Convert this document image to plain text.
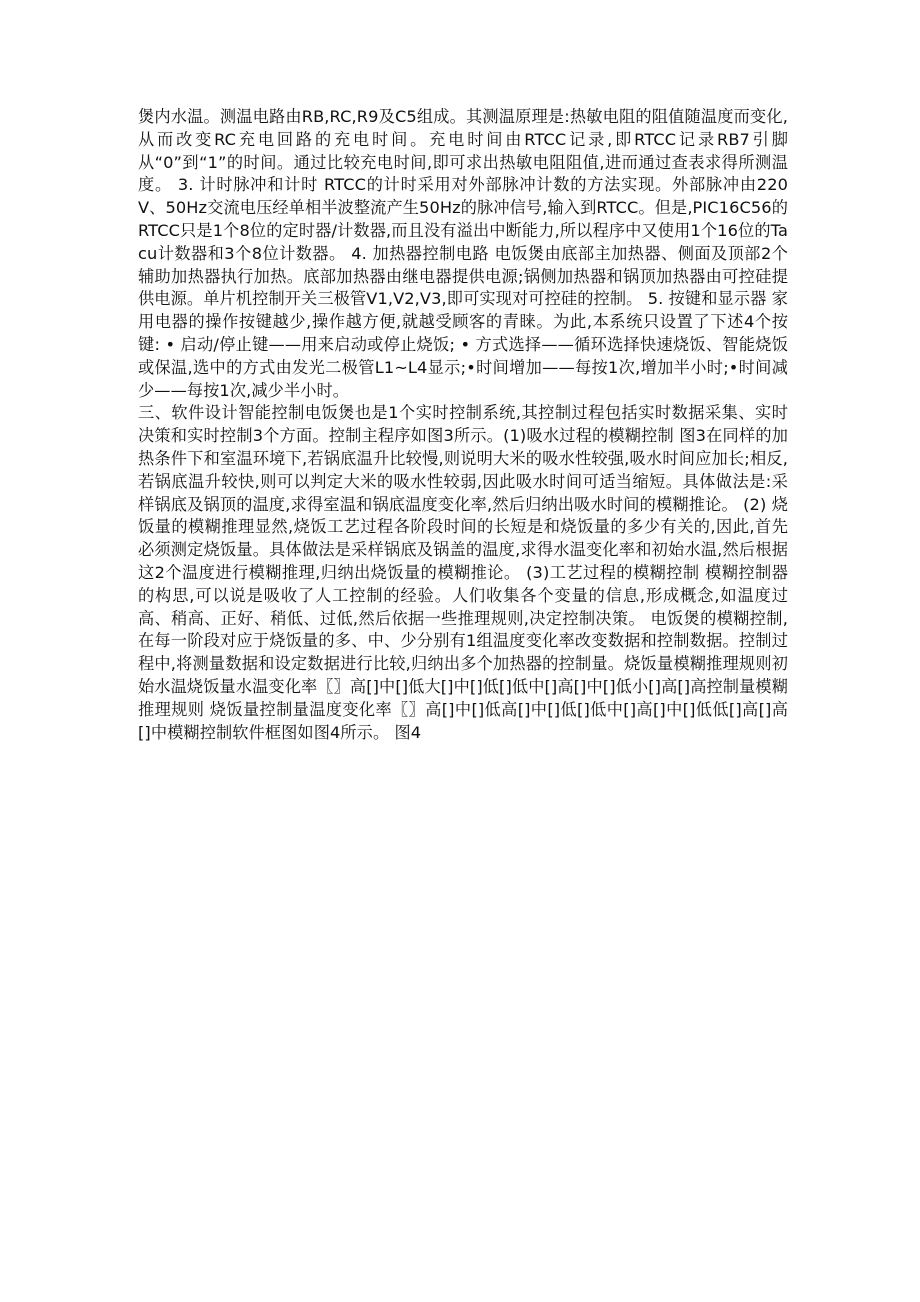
煲内水温。测温电路由RB,RC,R9及C5组成。其测温原理是:热敏电阻的阻值随温度而变化,从而改变RC充电回路的充电时间。充电时间由RTCC记录,即RTCC记录RB7引脚从“0”到“1”的时间。通过比较充电时间,即可求出热敏电阻阻值,进而通过查表求得所测温度。 3. 计时脉冲和计时 RTCC的计时采用对外部脉冲计数的方法实现。外部脉冲由220V、50Hz交流电压经单相半波整流产生50Hz的脉冲信号,输入到RTCC。但是,PIC16C56的RTCC只是1个8位的定时器/计数器,而且没有溢出中断能力,所以程序中又使用1个16位的Tacu计数器和3个8位计数器。 4. 加热器控制电路 电饭煲由底部主加热器、侧面及顶部2个辅助加热器执行加热。底部加热器由继电器提供电源;锅侧加热器和锅顶加热器由可控硅提供电源。单片机控制开关三极管V1,V2,V3,即可实现对可控硅的控制。 5. 按键和显示器 家用电器的操作按键越少,操作越方便,就越受顾客的青睐。为此,本系统只设置了下述4个按键: • 启动/停止键——用来启动或停止烧饭; • 方式选择——循环选择快速烧饭、智能烧饭或保温,选中的方式由发光二极管L1~L4显示;•时间增加——每按1次,增加半小时;•时间减少——每按1次,减少半小时。

三、软件设计智能控制电饭煲也是1个实时控制系统,其控制过程包括实时数据采集、实时决策和实时控制3个方面。控制主程序如图3所示。(1)吸水过程的模糊控制 图3在同样的加热条件下和室温环境下,若锅底温升比较慢,则说明大米的吸水性较强,吸水时间应加长;相反,若锅底温升较快,则可以判定大米的吸水性较弱,因此吸水时间可适当缩短。具体做法是:采样锅底及锅顶的温度,求得室温和锅底温度变化率,然后归纳出吸水时间的模糊推论。 (2) 烧饭量的模糊推理显然,烧饭工艺过程各阶段时间的长短是和烧饭量的多少有关的,因此,首先必须测定烧饭量。具体做法是采样锅底及锅盖的温度,求得水温变化率和初始水温,然后根据这2个温度进行模糊推理,归纳出烧饭量的模糊推论。 (3)工艺过程的模糊控制 模糊控制器的构思,可以说是吸收了人工控制的经验。人们收集各个变量的信息,形成概念,如温度过高、稍高、正好、稍低、过低,然后依据一些推理规则,决定控制决策。 电饭煲的模糊控制,在每一阶段对应于烧饭量的多、中、少分别有1组温度变化率改变数据和控制数据。控制过程中,将测量数据和设定数据进行比较,归纳出多个加热器的控制量。烧饭量模糊推理规则初始水温烧饭量水温变化率〖〗高[]中[]低大[]中[]低[]低中[]高[]中[]低小[]高[]高控制量模糊推理规则 烧饭量控制量温度变化率〖〗高[]中[]低高[]中[]低[]低中[]高[]中[]低低[]高[]高[]中模糊控制软件框图如图4所示。 图4
